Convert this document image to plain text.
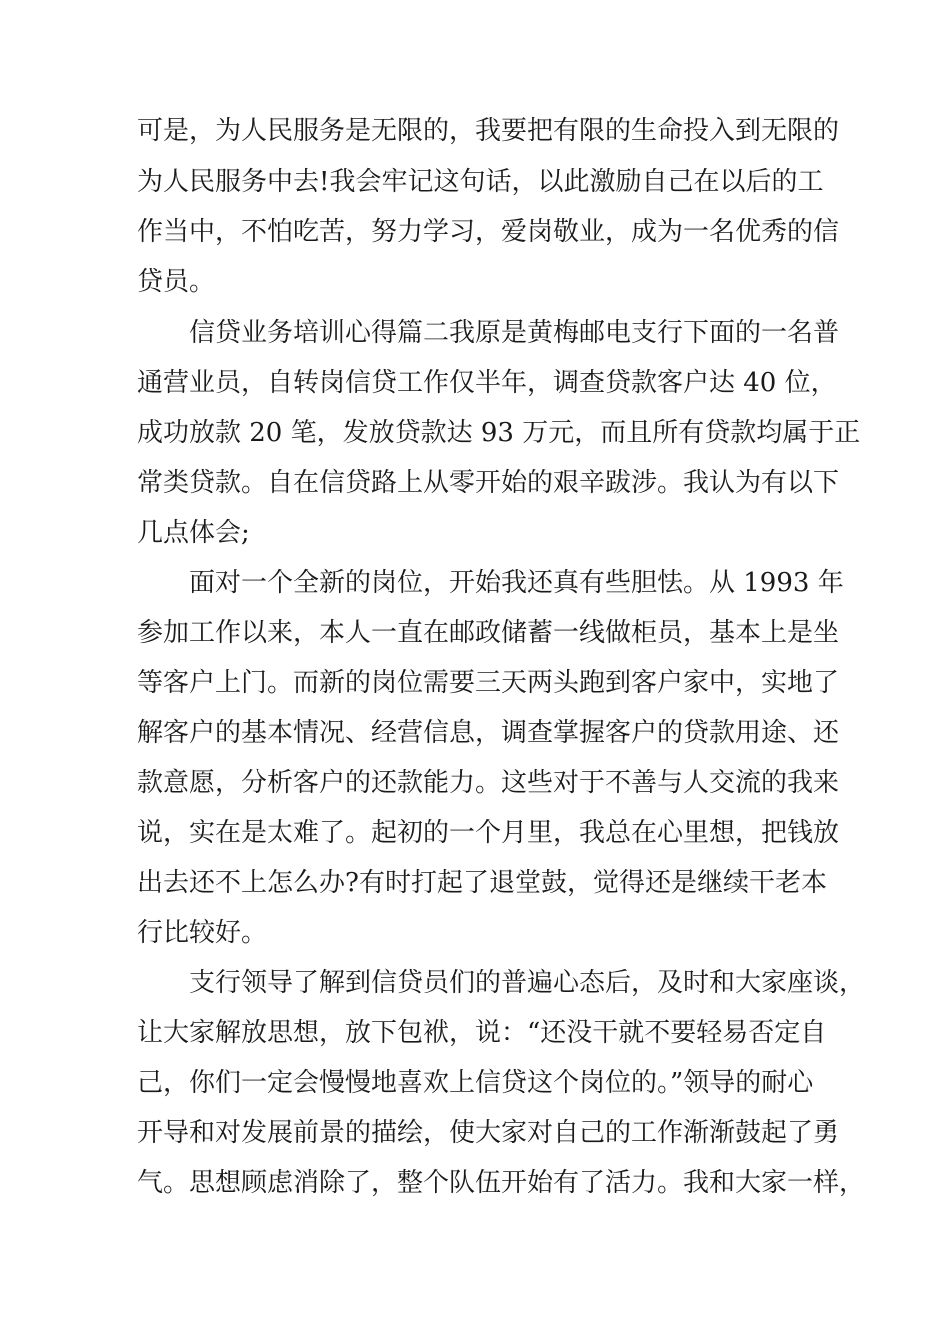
可是，为人民服务是无限的，我要把有限的生命投入到无限的
为人民服务中去!我会牢记这句话，以此激励自己在以后的工
作当中，不怕吃苦，努力学习，爱岗敬业，成为一名优秀的信
贷员。
信贷业务培训心得篇二我原是黄梅邮电支行下面的一名普
通营业员，自转岗信贷工作仅半年，调查贷款客户达 40 位，
成功放款 20 笔，发放贷款达 93 万元，而且所有贷款均属于正
常类贷款。自在信贷路上从零开始的艰辛跋涉。我认为有以下
几点体会;
面对一个全新的岗位，开始我还真有些胆怯。从 1993 年
参加工作以来，本人一直在邮政储蓄一线做柜员，基本上是坐
等客户上门。而新的岗位需要三天两头跑到客户家中，实地了
解客户的基本情况、经营信息，调查掌握客户的贷款用途、还
款意愿，分析客户的还款能力。这些对于不善与人交流的我来
说，实在是太难了。起初的一个月里，我总在心里想，把钱放
出去还不上怎么办?有时打起了退堂鼓，觉得还是继续干老本
行比较好。
支行领导了解到信贷员们的普遍心态后，及时和大家座谈，
让大家解放思想，放下包袱，说：“还没干就不要轻易否定自
己，你们一定会慢慢地喜欢上信贷这个岗位的。”领导的耐心
开导和对发展前景的描绘，使大家对自己的工作渐渐鼓起了勇
气。思想顾虑消除了，整个队伍开始有了活力。我和大家一样，
